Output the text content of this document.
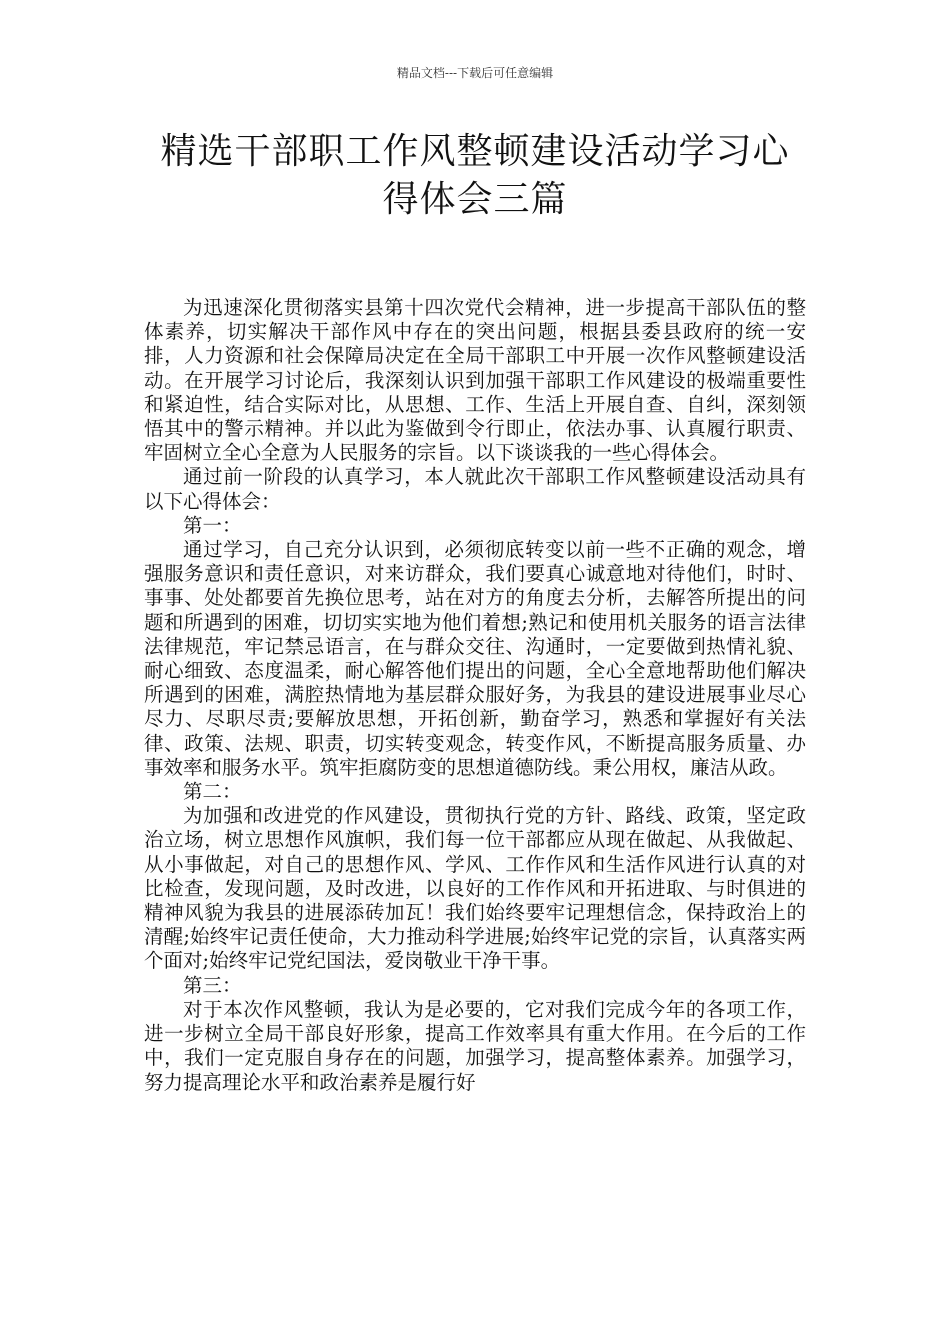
精品文档---下载后可任意编辑
精选干部职工作风整顿建设活动学习心
得体会三篇

为迅速深化贯彻落实县第十四次党代会精神，进一步提高干部队伍的整体素养，切实解决干部作风中存在的突出问题，根据县委县政府的统一安排，人力资源和社会保障局决定在全局干部职工中开展一次作风整顿建设活动。在开展学习讨论后，我深刻认识到加强干部职工作风建设的极端重要性和紧迫性，结合实际对比，从思想、工作、生活上开展自查、自纠，深刻领悟其中的警示精神。并以此为鉴做到令行即止，依法办事、认真履行职责、牢固树立全心全意为人民服务的宗旨。以下谈谈我的一些心得体会。

通过前一阶段的认真学习，本人就此次干部职工作风整顿建设活动具有以下心得体会：

第一：

通过学习，自己充分认识到，必须彻底转变以前一些不正确的观念，增强服务意识和责任意识，对来访群众，我们要真心诚意地对待他们，时时、事事、处处都要首先换位思考，站在对方的角度去分析，去解答所提出的问题和所遇到的困难，切切实实地为他们着想;熟记和使用机关服务的语言法律法律规范，牢记禁忌语言，在与群众交往、沟通时，一定要做到热情礼貌、耐心细致、态度温柔，耐心解答他们提出的问题，全心全意地帮助他们解决所遇到的困难，满腔热情地为基层群众服好务，为我县的建设进展事业尽心尽力、尽职尽责;要解放思想，开拓创新，勤奋学习，熟悉和掌握好有关法律、政策、法规、职责，切实转变观念，转变作风，不断提高服务质量、办事效率和服务水平。筑牢拒腐防变的思想道德防线。秉公用权，廉洁从政。

第二：

为加强和改进党的作风建设，贯彻执行党的方针、路线、政策，坚定政治立场，树立思想作风旗帜，我们每一位干部都应从现在做起、从我做起、从小事做起，对自己的思想作风、学风、工作作风和生活作风进行认真的对比检查，发现问题，及时改进，以良好的工作作风和开拓进取、与时俱进的精神风貌为我县的进展添砖加瓦！我们始终要牢记理想信念，保持政治上的清醒;始终牢记责任使命，大力推动科学进展;始终牢记党的宗旨，认真落实两个面对;始终牢记党纪国法，爱岗敬业干净干事。

第三：

对于本次作风整顿，我认为是必要的，它对我们完成今年的各项工作，进一步树立全局干部良好形象，提高工作效率具有重大作用。在今后的工作中，我们一定克服自身存在的问题，加强学习，提高整体素养。加强学习，努力提高理论水平和政治素养是履行好
